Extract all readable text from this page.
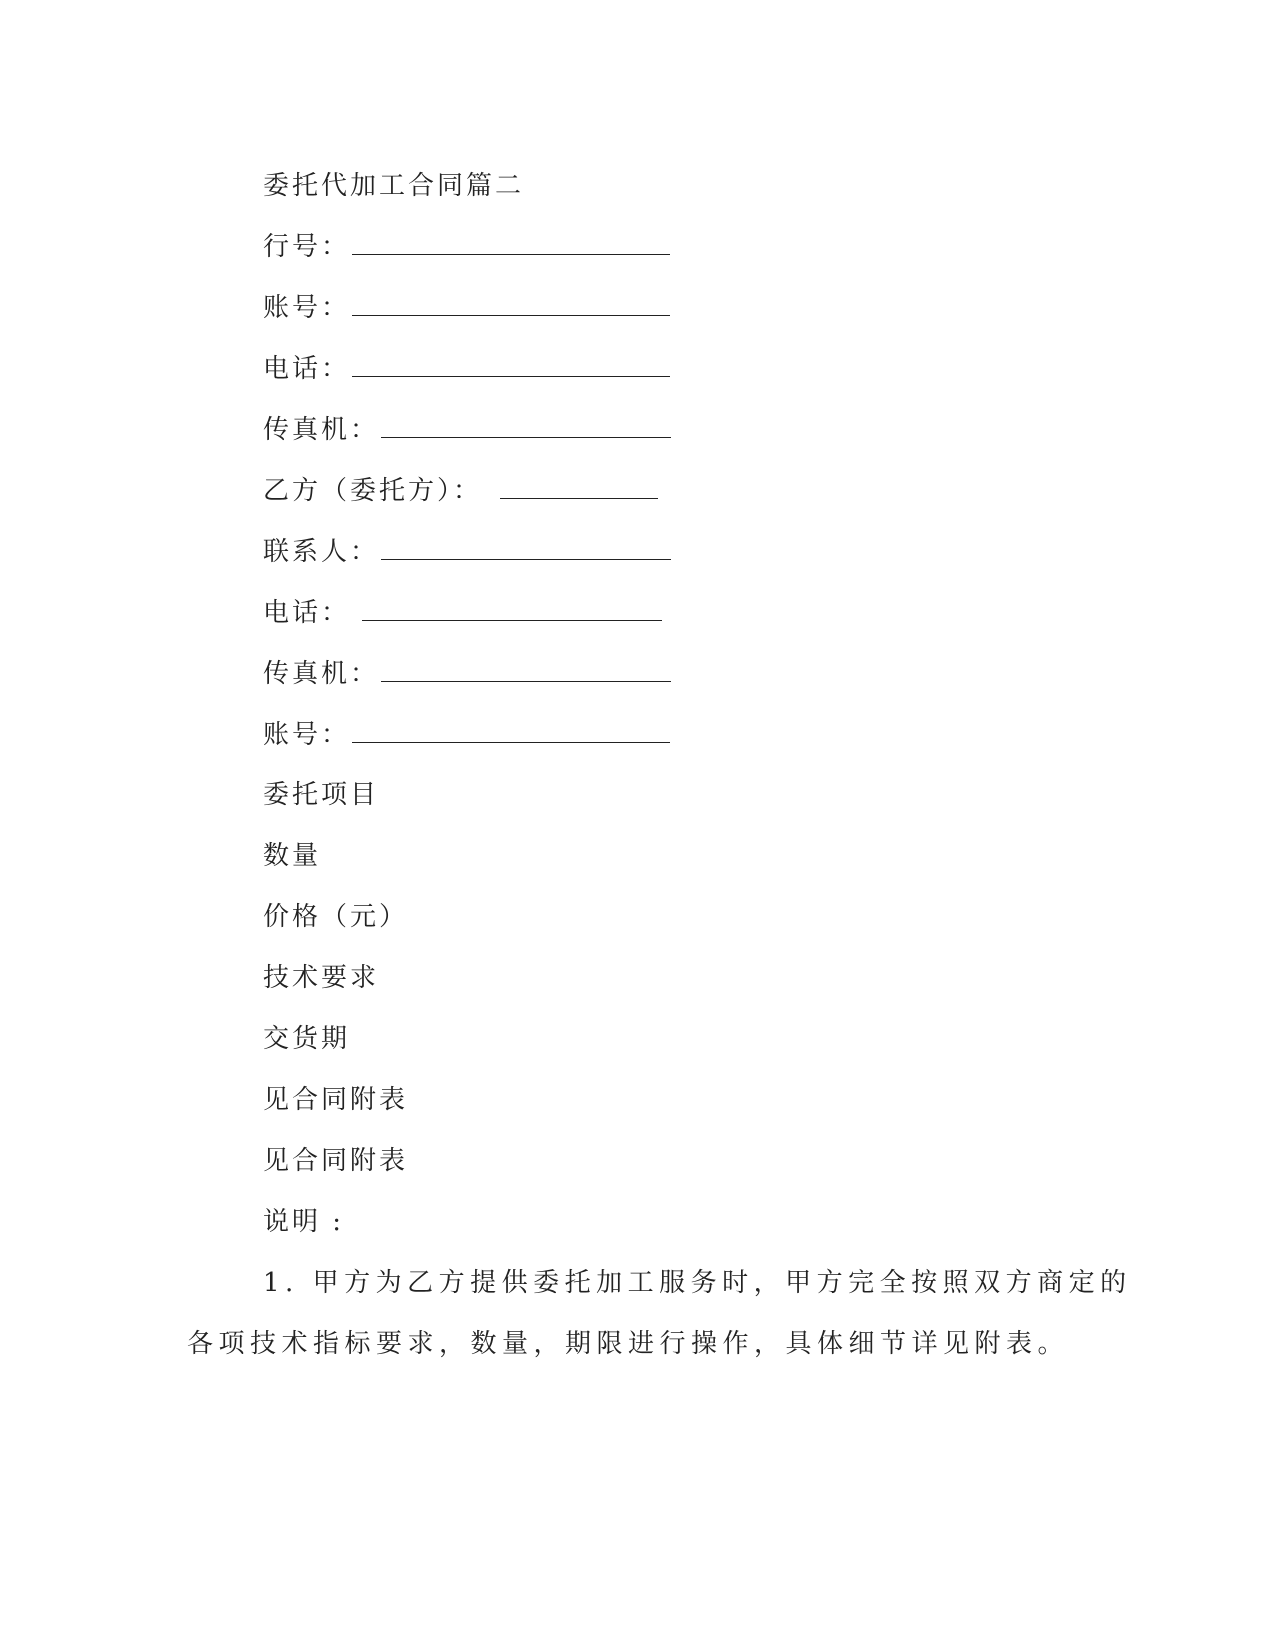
委托代加工合同篇二
行号：
账号：
电话：
传真机：
乙方（委托方）：
联系人：
电话：
传真机：
账号：
委托项目
数量
价格（元）
技术要求
交货期
见合同附表
见合同附表
说明 :
1. 甲方为乙方提供委托加工服务时，甲方完全按照双方商定的
各项技术指标要求，数量，期限进行操作，具体细节详见附表。
